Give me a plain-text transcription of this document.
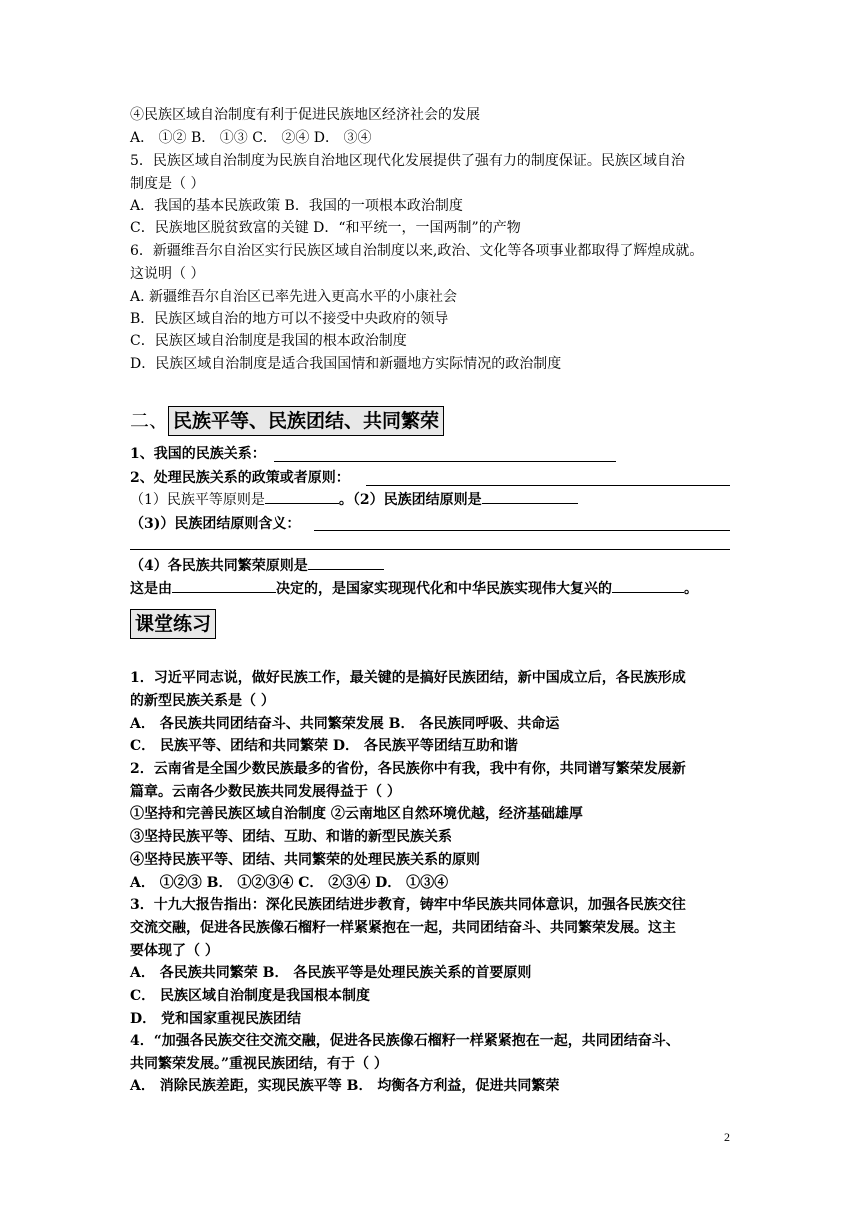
④民族区域自治制度有利于促进民族地区经济社会的发展
A． ①② B． ①③ C． ②④ D． ③④
5．民族区域自治制度为民族自治地区现代化发展提供了强有力的制度保证。民族区域自治
制度是（ ）
A．我国的基本民族政策 B．我国的一项根本政治制度
C．民族地区脱贫致富的关键 D．“和平统一，一国两制”的产物
6．新疆维吾尔自治区实行民族区域自治制度以来,政治、文化等各项事业都取得了辉煌成就。
这说明（ ）
A. 新疆维吾尔自治区已率先进入更高水平的小康社会
B．民族区域自治的地方可以不接受中央政府的领导
C．民族区域自治制度是我国的根本政治制度
D．民族区域自治制度是适合我国国情和新疆地方实际情况的政治制度
二、 民族平等、民族团结、共同繁荣
1、我国的民族关系：
2、处理民族关系的政策或者原则：
（1）民族平等原则是	。（2）民族团结原则是
（3)）民族团结原则含义：
（4）各民族共同繁荣原则是
这是由	决定的，是国家实现现代化和中华民族实现伟大复兴的	。
课堂练习
1．习近平同志说，做好民族工作，最关键的是搞好民族团结，新中国成立后，各民族形成
的新型民族关系是（ ）
A． 各民族共同团结奋斗、共同繁荣发展 B． 各民族同呼吸、共命运
C． 民族平等、团结和共同繁荣 D． 各民族平等团结互助和谐
2．云南省是全国少数民族最多的省份，各民族你中有我，我中有你，共同谱写繁荣发展新
篇章。云南各少数民族共同发展得益于（ ）
①坚持和完善民族区域自治制度 ②云南地区自然环境优越，经济基础雄厚
③坚持民族平等、团结、互助、和谐的新型民族关系
④坚持民族平等、团结、共同繁荣的处理民族关系的原则
A． ①②③ B． ①②③④ C． ②③④ D． ①③④
3．十九大报告指出：深化民族团结进步教育，铸牢中华民族共同体意识，加强各民族交往
交流交融，促进各民族像石榴籽一样紧紧抱在一起，共同团结奋斗、共同繁荣发展。这主
要体现了（ ）
A． 各民族共同繁荣 B． 各民族平等是处理民族关系的首要原则
C． 民族区域自治制度是我国根本制度
D． 党和国家重视民族团结
4．“加强各民族交往交流交融，促进各民族像石榴籽一样紧紧抱在一起，共同团结奋斗、
共同繁荣发展。”重视民族团结，有于（ ）
A． 消除民族差距，实现民族平等 B． 均衡各方利益，促进共同繁荣
2
